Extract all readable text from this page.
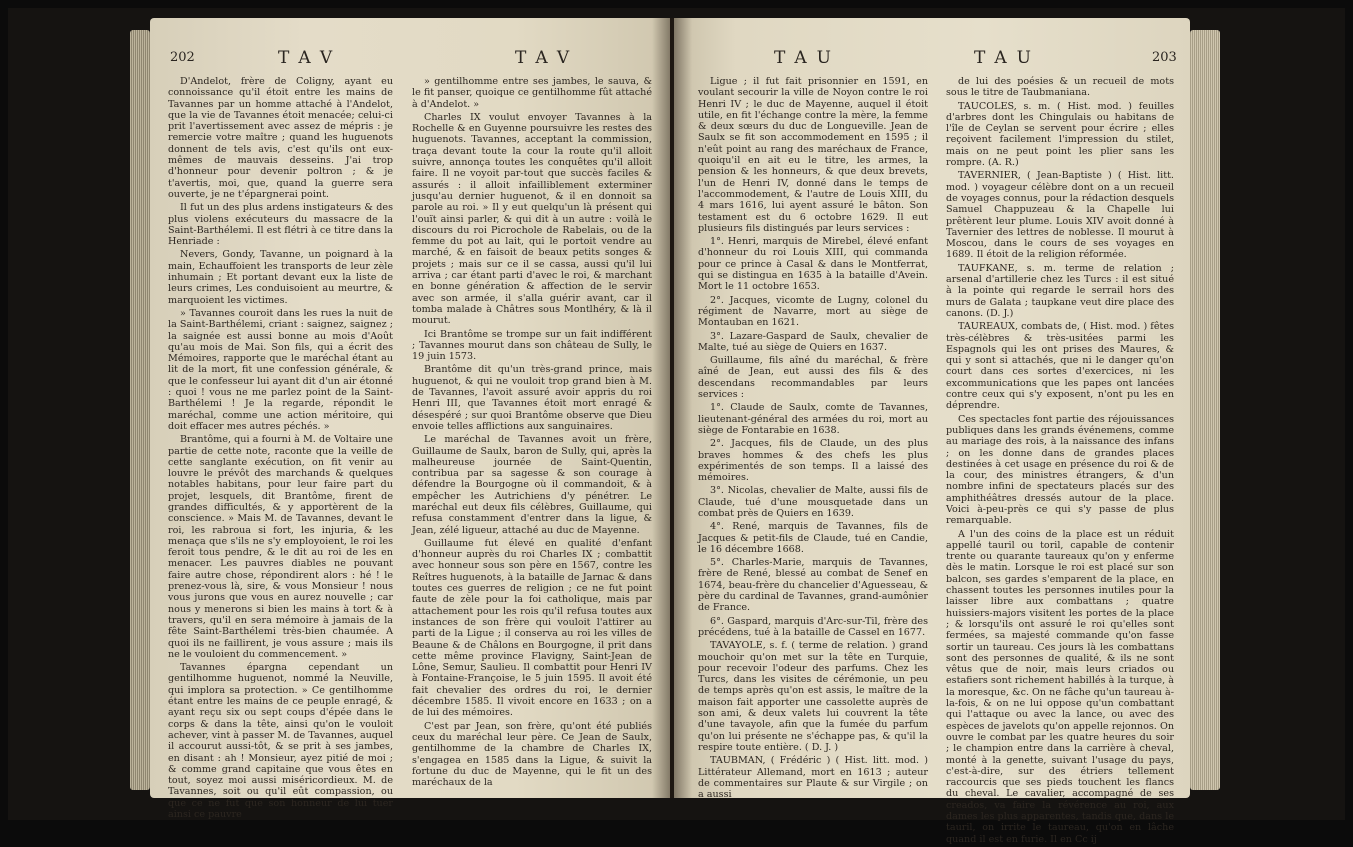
202	TAV	TAV

D'Andelot, frère de Coligny, ayant eu connoissance qu'il étoit entre les mains de Tavannes par un homme attaché à l'Andelot, que la vie de Tavannes étoit menacée; celui-ci prit l'avertissement avec assez de mépris : je remercie votre maître ; quand les huguenots donnent de tels avis, c'est qu'ils ont eux-mêmes de mauvais desseins. J'ai trop d'honneur pour devenir poltron ; & je t'avertis, moi, que, quand la guerre sera ouverte, je ne t'épargnerai point.

Il fut un des plus ardens instigateurs & des plus violens exécuteurs du massacre de la Saint-Barthélemi. Il est flétri à ce titre dans la Henriade :

Nevers, Gondy, Tavanne, un poignard à la main, Echauffoient les transports de leur zèle inhumain ; Et portant devant eux la liste de leurs crimes, Les conduisoient au meurtre, & marquoient les victimes.

» Tavannes couroit dans les rues la nuit de la Saint-Barthélemi, criant : saignez, saignez ; la saignée est aussi bonne au mois d'Août qu'au mois de Mai. Son fils, qui a écrit des Mémoires, rapporte que le maréchal étant au lit de la mort, fit une confession générale, & que le confesseur lui ayant dit d'un air étonné : quoi ! vous ne me parlez point de la Saint-Barthélemi ! Je la regarde, répondit le maréchal, comme une action méritoire, qui doit effacer mes autres péchés. »

Brantôme, qui a fourni à M. de Voltaire une partie de cette note, raconte que la veille de cette sanglante exécution, on fit venir au louvre le prévôt des marchands & quelques notables habitans, pour leur faire part du projet, lesquels, dit Brantôme, firent de grandes difficultés, & y apportèrent de la conscience. » Mais M. de Tavannes, devant le roi, les rabroua si fort, les injuria, & les menaça que s'ils ne s'y employoient, le roi les feroit tous pendre, & le dit au roi de les en menacer. Les pauvres diables ne pouvant faire autre chose, répondirent alors : hé ! le prenez-vous là, sire, & vous Monsieur ! nous vous jurons que vous en aurez nouvelle ; car nous y menerons si bien les mains à tort & à travers, qu'il en sera mémoire à jamais de la fête Saint-Barthélemi très-bien chaumée. A quoi ils ne faillirent, je vous assure ; mais ils ne le vouloient du commencement. »

Tavannes épargna cependant un gentilhomme huguenot, nommé la Neuville, qui implora sa protection. » Ce gentilhomme étant entre les mains de ce peuple enragé, & ayant reçu six ou sept coups d'épée dans le corps & dans la tête, ainsi qu'on le vouloit achever, vint à passer M. de Tavannes, auquel il accourut aussi-tôt, & se prit à ses jambes, en disant : ah ! Monsieur, ayez pitié de moi ; & comme grand capitaine que vous êtes en tout, soyez moi aussi miséricordieux. M. de Tavannes, soit ou qu'il eût compassion, ou que ce ne fut que son honneur de lui tuer ainsi ce pauvre

» gentilhomme entre ses jambes, le sauva, & le fit panser, quoique ce gentilhomme fût attaché à d'Andelot. »

Charles IX voulut envoyer Tavannes à la Rochelle & en Guyenne poursuivre les restes des huguenots. Tavannes, acceptant la commission, traça devant toute la cour la route qu'il alloit suivre, annonça toutes les conquêtes qu'il alloit faire. Il ne voyoit par-tout que succès faciles & assurés : il alloit infailliblement exterminer jusqu'au dernier huguenot, & il en donnoit sa parole au roi. » Il y eut quelqu'un là présent qui l'ouït ainsi parler, & qui dit à un autre : voilà le discours du roi Picrochole de Rabelais, ou de la femme du pot au lait, qui le portoit vendre au marché, & en faisoit de beaux petits songes & projets ; mais sur ce il se cassa, aussi qu'il lui arriva ; car étant parti d'avec le roi, & marchant en bonne génération & affection de le servir avec son armée, il s'alla guérir avant, car il tomba malade à Châtres sous Montlhéry, & là il mourut.

Ici Brantôme se trompe sur un fait indifférent ; Tavannes mourut dans son château de Sully, le 19 juin 1573.

Brantôme dit qu'un très-grand prince, mais huguenot, & qui ne vouloit trop grand bien à M. de Tavannes, l'avoit assuré avoir appris du roi Henri III, que Tavannes étoit mort enragé & désespéré ; sur quoi Brantôme observe que Dieu envoie telles afflictions aux sanguinaires.

Le maréchal de Tavannes avoit un frère, Guillaume de Saulx, baron de Sully, qui, après la malheureuse journée de Saint-Quentin, contribua par sa sagesse & son courage à défendre la Bourgogne où il commandoit, & à empêcher les Autrichiens d'y pénétrer. Le maréchal eut deux fils célèbres, Guillaume, qui refusa constamment d'entrer dans la ligue, & Jean, zélé ligueur, attaché au duc de Mayenne.

Guillaume fut élevé en qualité d'enfant d'honneur auprès du roi Charles IX ; combattit avec honneur sous son père en 1567, contre les Reîtres huguenots, à la bataille de Jarnac & dans toutes ces guerres de religion ; ce ne fut point faute de zèle pour la foi catholique, mais par attachement pour les rois qu'il refusa toutes aux instances de son frère qui vouloit l'attirer au parti de la Ligue ; il conserva au roi les villes de Beaune & de Châlons en Bourgogne, il prit dans cette même province Flavigny, Saint-Jean de Lône, Semur, Saulieu. Il combattit pour Henri IV à Fontaine-Françoise, le 5 juin 1595. Il avoit été fait chevalier des ordres du roi, le dernier décembre 1585. Il vivoit encore en 1633 ; on a de lui des mémoires.

C'est par Jean, son frère, qu'ont été publiés ceux du maréchal leur père. Ce Jean de Saulx, gentilhomme de la chambre de Charles IX, s'engagea en 1585 dans la Ligue, & suivit la fortune du duc de Mayenne, qui le fit un des maréchaux de la

TAU	TAU	203

Ligue ; il fut fait prisonnier en 1591, en voulant secourir la ville de Noyon contre le roi Henri IV ; le duc de Mayenne, auquel il étoit utile, en fit l'échange contre la mère, la femme & deux sœurs du duc de Longueville. Jean de Saulx se fit son accommodement en 1595 ; il n'eût point au rang des maréchaux de France, quoiqu'il en ait eu le titre, les armes, la pension & les honneurs, & que deux brevets, l'un de Henri IV, donné dans le temps de l'accommodement, & l'autre de Louis XIII, du 4 mars 1616, lui ayent assuré le bâton. Son testament est du 6 octobre 1629. Il eut plusieurs fils distingués par leurs services :

1°. Henri, marquis de Mirebel, élevé enfant d'honneur du roi Louis XIII, qui commanda pour ce prince à Casal & dans le Montferrat, qui se distingua en 1635 à la bataille d'Avein. Mort le 11 octobre 1653.

2°. Jacques, vicomte de Lugny, colonel du régiment de Navarre, mort au siège de Montauban en 1621.

3°. Lazare-Gaspard de Saulx, chevalier de Malte, tué au siège de Quiers en 1637.

Guillaume, fils aîné du maréchal, & frère aîné de Jean, eut aussi des fils & des descendans recommandables par leurs services :

1°. Claude de Saulx, comte de Tavannes, lieutenant-général des armées du roi, mort au siège de Fontarabie en 1638.

2°. Jacques, fils de Claude, un des plus braves hommes & des chefs les plus expérimentés de son temps. Il a laissé des mémoires.

3°. Nicolas, chevalier de Malte, aussi fils de Claude, tué d'une mousquetade dans un combat près de Quiers en 1639.

4°. René, marquis de Tavannes, fils de Jacques & petit-fils de Claude, tué en Candie, le 16 décembre 1668.

5°. Charles-Marie, marquis de Tavannes, frère de René, blessé au combat de Senef en 1674, beau-frère du chancelier d'Aguesseau, & père du cardinal de Tavannes, grand-aumônier de France.

6°. Gaspard, marquis d'Arc-sur-Til, frère des précédens, tué à la bataille de Cassel en 1677.

TAVAYOLE, s. f. ( terme de relation. ) grand mouchoir qu'on met sur la tête en Turquie, pour recevoir l'odeur des parfums. Chez les Turcs, dans les visites de cérémonie, un peu de temps après qu'on est assis, le maître de la maison fait apporter une cassolette auprès de son ami, & deux valets lui couvrent la tête d'une tavayole, afin que la fumée du parfum qu'on lui présente ne s'échappe pas, & qu'il la respire toute entière. ( D. J. )

TAUBMAN, ( Frédéric ) ( Hist. litt. mod. ) Littérateur Allemand, mort en 1613 ; auteur de commentaires sur Plaute & sur Virgile ; on a aussi

de lui des poésies & un recueil de mots sous le titre de Taubmaniana.

TAUCOLES, s. m. ( Hist. mod. ) feuilles d'arbres dont les Chingulais ou habitans de l'île de Ceylan se servent pour écrire ; elles reçoivent facilement l'impression du stilet, mais on ne peut point les plier sans les rompre. (A. R.)

TAVERNIER, ( Jean-Baptiste ) ( Hist. litt. mod. ) voyageur célèbre dont on a un recueil de voyages connus, pour la rédaction desquels Samuel Chappuzeau & la Chapelle lui prêtèrent leur plume. Louis XIV avoit donné à Tavernier des lettres de noblesse. Il mourut à Moscou, dans le cours de ses voyages en 1689. Il étoit de la religion réformée.

TAUFKANE, s. m. terme de relation ; arsenal d'artillerie chez les Turcs : il est situé à la pointe qui regarde le serrail hors des murs de Galata ; taupkane veut dire place des canons. (D. J.)

TAUREAUX, combats de, ( Hist. mod. ) fêtes très-célèbres & très-usitées parmi les Espagnols qui les ont prises des Maures, & qui y sont si attachés, que ni le danger qu'on court dans ces sortes d'exercices, ni les excommunications que les papes ont lancées contre ceux qui s'y exposent, n'ont pu les en déprendre.

Ces spectacles font partie des réjouissances publiques dans les grands événemens, comme au mariage des rois, à la naissance des infans ; on les donne dans de grandes places destinées à cet usage en présence du roi & de la cour, des ministres étrangers, & d'un nombre infini de spectateurs placés sur des amphithéâtres dressés autour de la place. Voici à-peu-près ce qui s'y passe de plus remarquable.

A l'un des coins de la place est un réduit appellé tauril ou toril, capable de contenir trente ou quarante taureaux qu'on y enferme dès le matin. Lorsque le roi est placé sur son balcon, ses gardes s'emparent de la place, en chassent toutes les personnes inutiles pour la laisser libre aux combattans ; quatre huissiers-majors visitent les portes de la place ; & lorsqu'ils ont assuré le roi qu'elles sont fermées, sa majesté commande qu'on fasse sortir un taureau. Ces jours là les combattans sont des personnes de qualité, & ils ne sont vêtus que de noir, mais leurs criados ou estafiers sont richement habillés à la turque, à la moresque, &c. On ne fâche qu'un taureau à-la-fois, & on ne lui oppose qu'un combattant qui l'attaque ou avec la lance, ou avec des espèces de javelots qu'on appelle rejonnos. On ouvre le combat par les quatre heures du soir ; le champion entre dans la carrière à cheval, monté à la genette, suivant l'usage du pays, c'est-à-dire, sur des étriers tellement raccourcis que ses pieds touchent les flancs du cheval. Le cavalier, accompagné de ses creados, va faire la révérence au roi, aux dames les plus apparentes, tandis que, dans le tauril, on irrite le taureau, qu'on en lâche quand il est en furie. Il en Cc ij
